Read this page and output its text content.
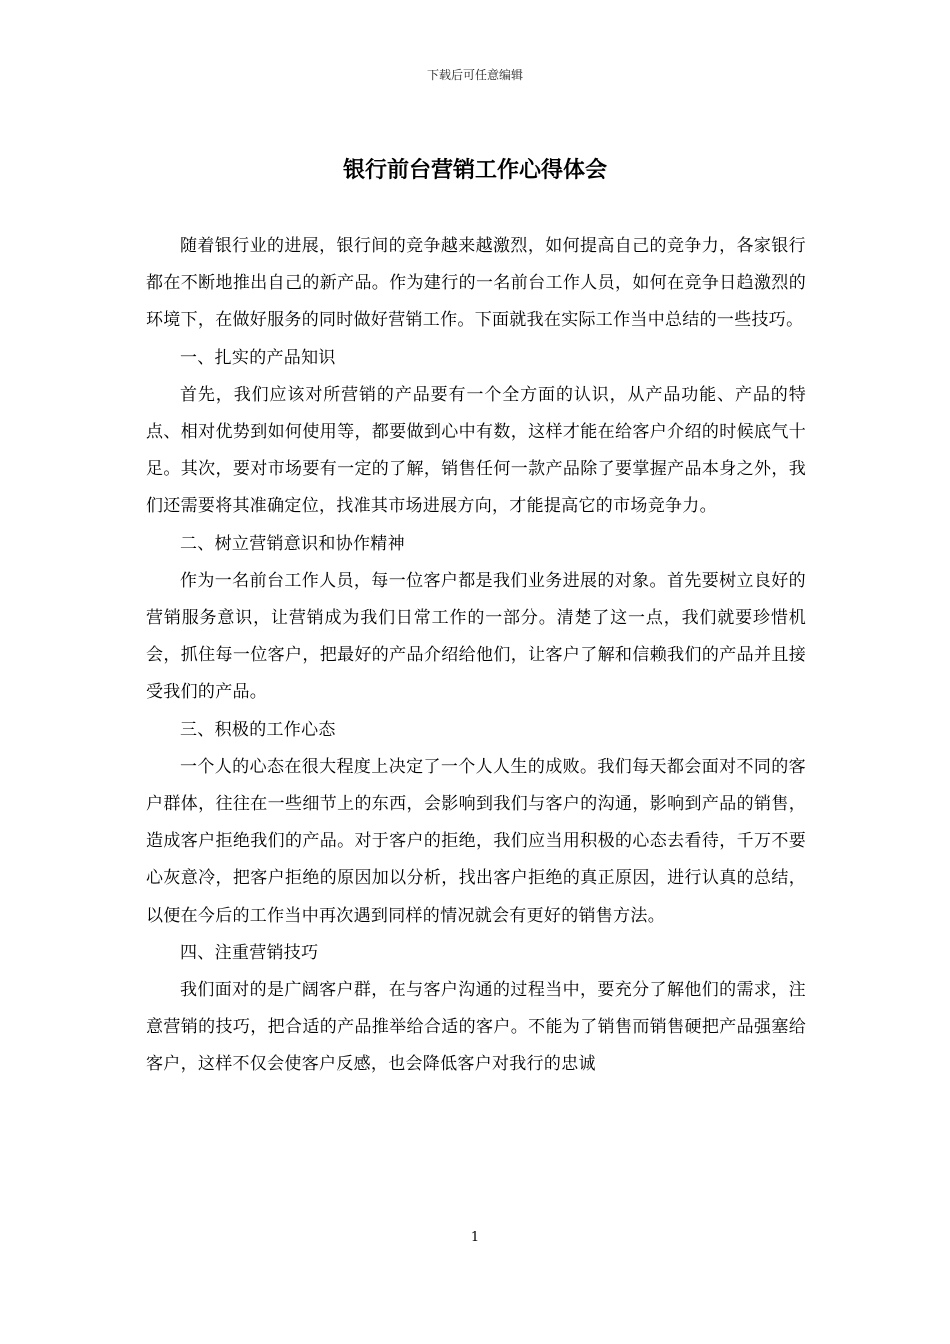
下载后可任意编辑
银行前台营销工作心得体会

随着银行业的进展，银行间的竞争越来越激烈，如何提高自己的竞争力，各家银行都在不断地推出自己的新产品。作为建行的一名前台工作人员，如何在竞争日趋激烈的环境下，在做好服务的同时做好营销工作。下面就我在实际工作当中总结的一些技巧。

一、扎实的产品知识

首先，我们应该对所营销的产品要有一个全方面的认识，从产品功能、产品的特点、相对优势到如何使用等，都要做到心中有数，这样才能在给客户介绍的时候底气十足。其次，要对市场要有一定的了解，销售任何一款产品除了要掌握产品本身之外，我们还需要将其准确定位，找准其市场进展方向，才能提高它的市场竞争力。

二、树立营销意识和协作精神

作为一名前台工作人员，每一位客户都是我们业务进展的对象。首先要树立良好的营销服务意识，让营销成为我们日常工作的一部分。清楚了这一点，我们就要珍惜机会，抓住每一位客户，把最好的产品介绍给他们，让客户了解和信赖我们的产品并且接受我们的产品。

三、积极的工作心态

一个人的心态在很大程度上决定了一个人人生的成败。我们每天都会面对不同的客户群体，往往在一些细节上的东西，会影响到我们与客户的沟通，影响到产品的销售，造成客户拒绝我们的产品。对于客户的拒绝，我们应当用积极的心态去看待，千万不要心灰意冷，把客户拒绝的原因加以分析，找出客户拒绝的真正原因，进行认真的总结，以便在今后的工作当中再次遇到同样的情况就会有更好的销售方法。

四、注重营销技巧

我们面对的是广阔客户群，在与客户沟通的过程当中，要充分了解他们的需求，注意营销的技巧，把合适的产品推举给合适的客户。不能为了销售而销售硬把产品强塞给客户，这样不仅会使客户反感，也会降低客户对我行的忠诚

1
